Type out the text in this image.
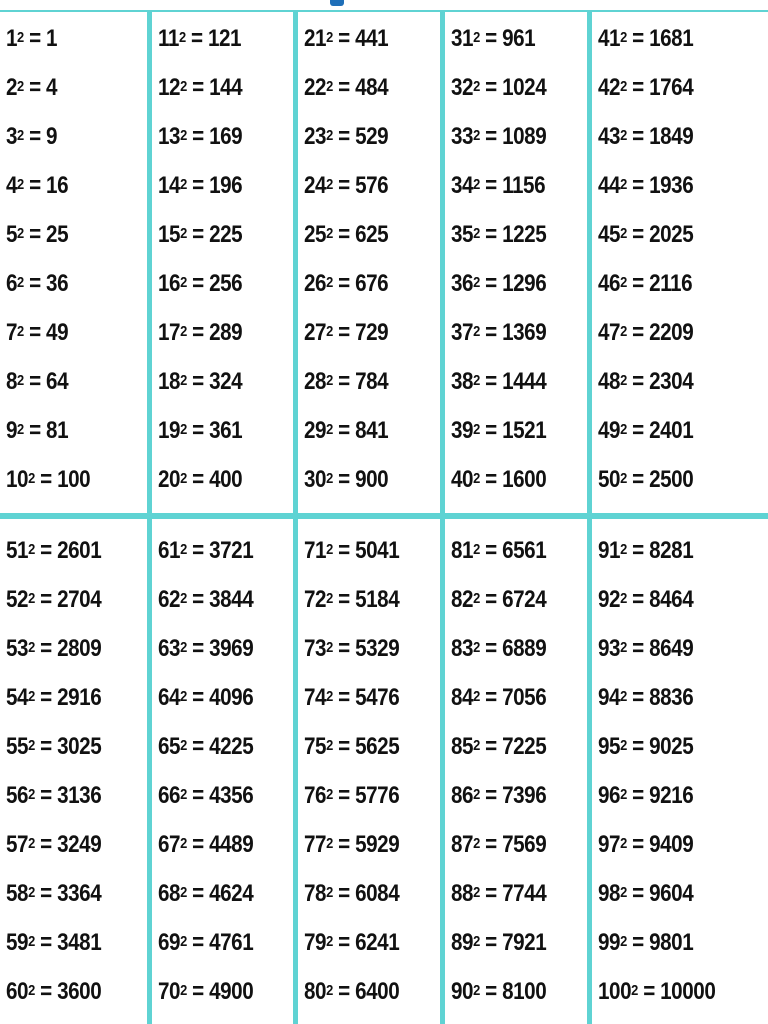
$1^2 = 1$
$2^2 = 4$
$3^2 = 9$
$4^2 = 16$
$5^2 = 25$
$6^2 = 36$
$7^2 = 49$
$8^2 = 64$
$9^2 = 81$
$10^2 = 100$
$11^2 = 121$
$12^2 = 144$
$13^2 = 169$
$14^2 = 196$
$15^2 = 225$
$16^2 = 256$
$17^2 = 289$
$18^2 = 324$
$19^2 = 361$
$20^2 = 400$
$21^2 = 441$
$22^2 = 484$
$23^2 = 529$
$24^2 = 576$
$25^2 = 625$
$26^2 = 676$
$27^2 = 729$
$28^2 = 784$
$29^2 = 841$
$30^2 = 900$
$31^2 = 961$
$32^2 = 1024$
$33^2 = 1089$
$34^2 = 1156$
$35^2 = 1225$
$36^2 = 1296$
$37^2 = 1369$
$38^2 = 1444$
$39^2 = 1521$
$40^2 = 1600$
$41^2 = 1681$
$42^2 = 1764$
$43^2 = 1849$
$44^2 = 1936$
$45^2 = 2025$
$46^2 = 2116$
$47^2 = 2209$
$48^2 = 2304$
$49^2 = 2401$
$50^2 = 2500$
$51^2 = 2601$
$52^2 = 2704$
$53^2 = 2809$
$54^2 = 2916$
$55^2 = 3025$
$56^2 = 3136$
$57^2 = 3249$
$58^2 = 3364$
$59^2 = 3481$
$60^2 = 3600$
$61^2 = 3721$
$62^2 = 3844$
$63^2 = 3969$
$64^2 = 4096$
$65^2 = 4225$
$66^2 = 4356$
$67^2 = 4489$
$68^2 = 4624$
$69^2 = 4761$
$70^2 = 4900$
$71^2 = 5041$
$72^2 = 5184$
$73^2 = 5329$
$74^2 = 5476$
$75^2 = 5625$
$76^2 = 5776$
$77^2 = 5929$
$78^2 = 6084$
$79^2 = 6241$
$80^2 = 6400$
$81^2 = 6561$
$82^2 = 6724$
$83^2 = 6889$
$84^2 = 7056$
$85^2 = 7225$
$86^2 = 7396$
$87^2 = 7569$
$88^2 = 7744$
$89^2 = 7921$
$90^2 = 8100$
$91^2 = 8281$
$92^2 = 8464$
$93^2 = 8649$
$94^2 = 8836$
$95^2 = 9025$
$96^2 = 9216$
$97^2 = 9409$
$98^2 = 9604$
$99^2 = 9801$
$100^2 = 10000$
